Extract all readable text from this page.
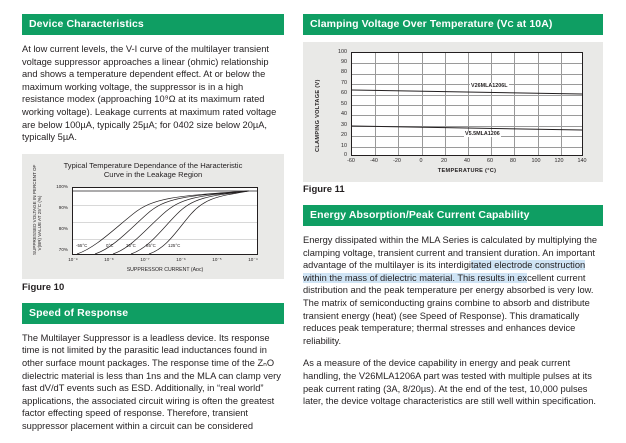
Device Characteristics

At low current levels, the V-I curve of the multilayer transient voltage suppressor approaches a linear (ohmic) relationship and shows a temperature dependent effect. At or below the maximum working voltage, the suppressor is in a high resistance modex (approaching 10⁹Ω at its maximum rated working voltage). Leakage currents at maximum rated voltage are below 100µA, typically 25µA; for 0402 size below 20µA, typically 5µA.

Typical Temperature Dependance of the Haracteristic
Curve in the Leakage Region
SUPPRESSED VOLTAGE IN PERCENT OF V(BR) VALUE AT 25°C (%)
100%
90%
80%
70%
-55°C	0°C	25°C 85°C	125°C
10⁻⁹	10⁻⁸	10⁻⁷	10⁻⁶	10⁻⁵	10⁻⁴
SUPPRESSOR CURRENT (Aᴅᴄ)
Figure 10
Speed of Response

The Multilayer Suppressor is a leadless device. Its response time is not limited by the parasitic lead inductances found in other surface mount packages. The response time of the ZₙO dielectric material is less than 1ns and the MLA can clamp very fast dV/dT events such as ESD. Additionally, in “real world” applications, the associated circuit wiring is often the greatest factor effecting speed of response. Therefore, transient suppressor placement within a circuit can be considered

Clamping Voltage Over Temperature (VC at 10A)
CLAMPING VOLTAGE (V)
100
90
80
70
60
50
40
30
20
10
0
V26MLA1206L
V5.5MLA1206
-60	-40	-20	0	20	40	60	80	100	120	140
TEMPERATURE (°C)
Figure 11
Energy Absorption/Peak Current Capability

Energy dissipated within the MLA Series is calculated by multiplying the clamping voltage, transient current and transient duration. An important advantage of the multilayer is its interdigitated electrode construction within the mass of dielectric material. This results in excellent current distribution and the peak temperature per energy absorbed is very low. The matrix of semiconducting grains combine to absorb and distribute transient energy (heat) (see Speed of Response). This dramatically reduces peak temperature; thermal stresses and enhances device reliability.

As a measure of the device capability in energy and peak current handling, the V26MLA1206A part was tested with multiple pulses at its peak current rating (3A, 8/20µs). At the end of the test, 10,000 pulses later, the device voltage characteristics are still well within specification.
